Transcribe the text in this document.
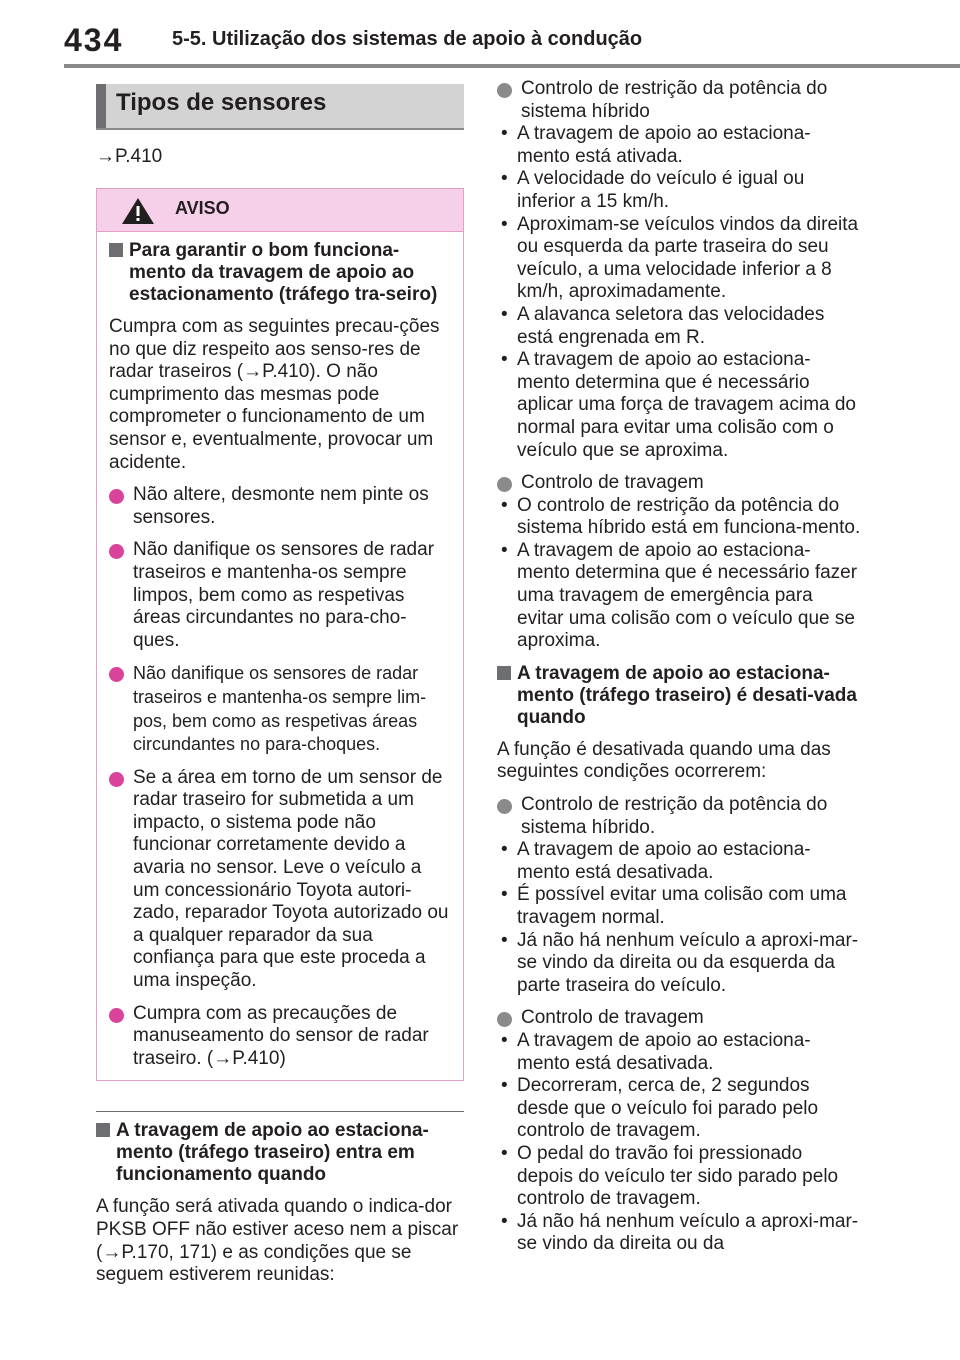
434 5-5. Utilização dos sistemas de apoio à condução
Tipos de sensores
→P.410
AVISO
Para garantir o bom funciona-mento da travagem de apoio ao estacionamento (tráfego tra-seiro)

Cumpra com as seguintes precau-ções no que diz respeito aos senso-res de radar traseiros (→P.410). O não cumprimento das mesmas pode comprometer o funcionamento de um sensor e, eventualmente, provocar um acidente.

Não altere, desmonte nem pinte os sensores.
Não danifique os sensores de radar traseiros e mantenha-os sempre limpos, bem como as respetivas áreas circundantes no para-cho-ques.
Não danifique os sensores de radar traseiros e mantenha-os sempre lim-pos, bem como as respetivas áreas circundantes no para-choques.
Se a área em torno de um sensor de radar traseiro for submetida a um impacto, o sistema pode não funcionar corretamente devido a avaria no sensor. Leve o veículo a um concessionário Toyota autori-zado, reparador Toyota autorizado ou a qualquer reparador da sua confiança para que este proceda a uma inspeção.
Cumpra com as precauções de manuseamento do sensor de radar traseiro. (→P.410)
A travagem de apoio ao estaciona-mento (tráfego traseiro) entra em funcionamento quando

A função será ativada quando o indica-dor PKSB OFF não estiver aceso nem a piscar (→P.170, 171) e as condições que se seguem estiverem reunidas:

Controlo de restrição da potência do sistema híbrido
• A travagem de apoio ao estaciona-mento está ativada.
• A velocidade do veículo é igual ou inferior a 15 km/h.
• Aproximam-se veículos vindos da direita ou esquerda da parte traseira do seu veículo, a uma velocidade inferior a 8 km/h, aproximadamente.
• A alavanca seletora das velocidades está engrenada em R.
• A travagem de apoio ao estaciona-mento determina que é necessário aplicar uma força de travagem acima do normal para evitar uma colisão com o veículo que se aproxima.
Controlo de travagem
• O controlo de restrição da potência do sistema híbrido está em funciona-mento.
• A travagem de apoio ao estaciona-mento determina que é necessário fazer uma travagem de emergência para evitar uma colisão com o veículo que se aproxima.
A travagem de apoio ao estaciona-mento (tráfego traseiro) é desati-vada quando

A função é desativada quando uma das seguintes condições ocorrerem:

Controlo de restrição da potência do sistema híbrido.
• A travagem de apoio ao estaciona-mento está desativada.
• É possível evitar uma colisão com uma travagem normal.
• Já não há nenhum veículo a aproxi-mar-se vindo da direita ou da esquerda da parte traseira do veículo.
Controlo de travagem
• A travagem de apoio ao estaciona-mento está desativada.
• Decorreram, cerca de, 2 segundos desde que o veículo foi parado pelo controlo de travagem.
• O pedal do travão foi pressionado depois do veículo ter sido parado pelo controlo de travagem.
• Já não há nenhum veículo a aproxi-mar-se vindo da direita ou da
